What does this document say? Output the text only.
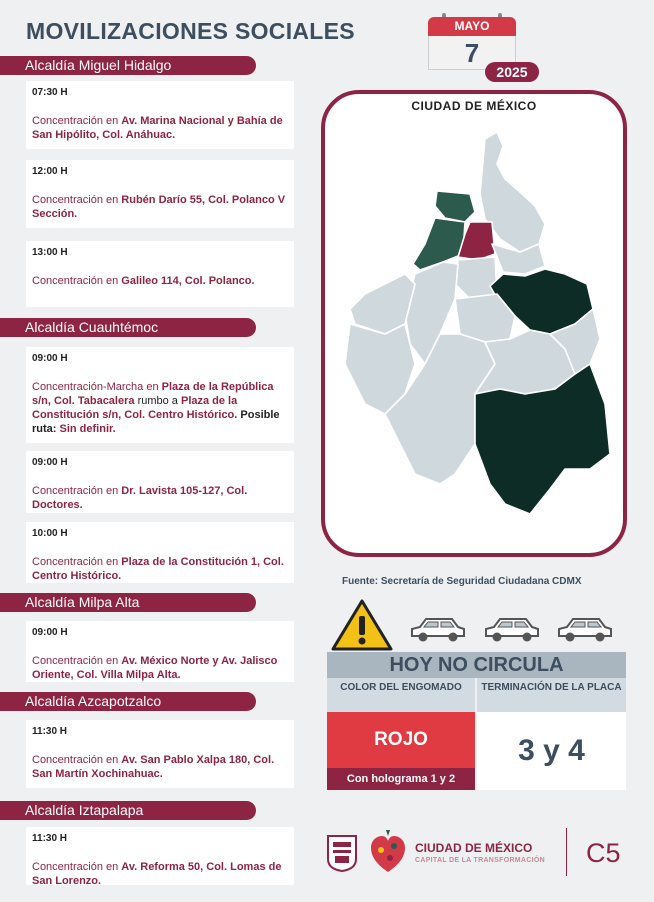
MOVILIZACIONES SOCIALES	MAYO
7
2025
Alcaldía Miguel Hidalgo
07:30 H
Concentración en Av. Marina Nacional y Bahía de San Hipólito, Col. Anáhuac.
12:00 H
Concentración en Rubén Darío 55, Col. Polanco V Sección.
13:00 H
Concentración en Galileo 114, Col. Polanco.
Alcaldía Cuauhtémoc
09:00 H
Concentración-Marcha en Plaza de la República s/n, Col. Tabacalera rumbo a Plaza de la Constitución s/n, Col. Centro Histórico. Posible ruta: Sin definir.
09:00 H
Concentración en Dr. Lavista 105-127, Col. Doctores.
10:00 H
Concentración en Plaza de la Constitución 1, Col. Centro Histórico.
Alcaldía Milpa Alta
09:00 H
Concentración en Av. México Norte y Av. Jalisco Oriente, Col. Villa Milpa Alta.
Alcaldía Azcapotzalco
11:30 H
Concentración en Av. San Pablo Xalpa 180, Col. San Martín Xochinahuac.
Alcaldía Iztapalapa
11:30 H
Concentración en Av. Reforma 50, Col. Lomas de San Lorenzo.
CIUDAD DE MÉXICO
Fuente: Secretaría de Seguridad Ciudadana CDMX
HOY NO CIRCULA
COLOR DEL ENGOMADO	TERMINACIÓN DE LA PLACA
ROJO
Con holograma 1 y 2
3 y 4
CIUDAD DE MÉXICO
CAPITAL DE LA TRANSFORMACIÓN C5
